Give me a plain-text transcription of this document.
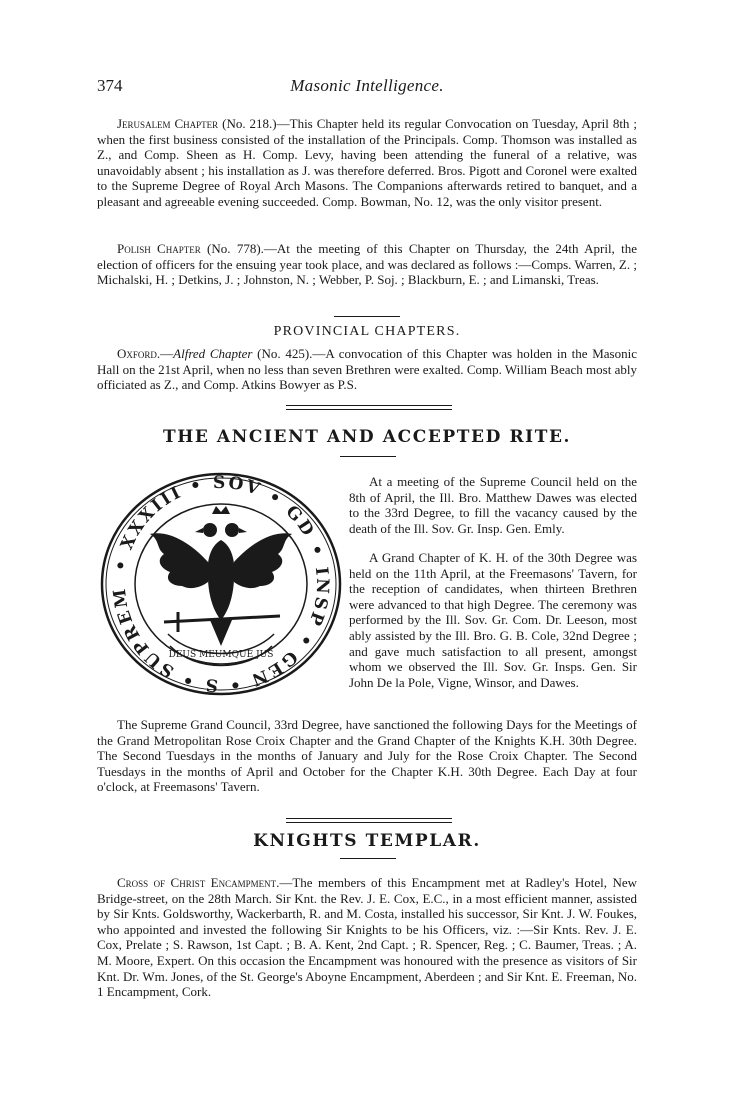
374	Masonic Intelligence.

Jerusalem Chapter (No. 218.)—This Chapter held its regular Convocation on Tuesday, April 8th ; when the first business consisted of the installation of the Principals. Comp. Thomson was installed as Z., and Comp. Sheen as H. Comp. Levy, having been attending the funeral of a relative, was unavoidably absent ; his installation as J. was therefore deferred. Bros. Pigott and Coronel were exalted to the Supreme Degree of Royal Arch Masons. The Companions afterwards retired to banquet, and a pleasant and agreeable evening succeeded. Comp. Bowman, No. 12, was the only visitor present.

Polish Chapter (No. 778).—At the meeting of this Chapter on Thursday, the 24th April, the election of officers for the ensuing year took place, and was declared as follows :—Comps. Warren, Z. ; Michalski, H. ; Detkins, J. ; Johnston, N. ; Webber, P. Soj. ; Blackburn, E. ; and Limanski, Treas.

PROVINCIAL CHAPTERS.

Oxford.—Alfred Chapter (No. 425).—A convocation of this Chapter was holden in the Masonic Hall on the 21st April, when no less than seven Brethren were exalted. Comp. William Beach most ably officiated as Z., and Comp. Atkins Bowyer as P.S.

THE ANCIENT AND ACCEPTED RITE.
• XXXIII • SOV • GD • INSP • GEN • S • SUPREM
DEUS MEUMQUE JUS

At a meeting of the Supreme Council held on the 8th of April, the Ill. Bro. Matthew Dawes was elected to the 33rd Degree, to fill the vacancy caused by the death of the Ill. Sov. Gr. Insp. Gen. Emly.

A Grand Chapter of K. H. of the 30th Degree was held on the 11th April, at the Freemasons' Tavern, for the reception of candidates, when thirteen Brethren were advanced to that high Degree. The ceremony was performed by the Ill. Sov. Gr. Com. Dr. Leeson, most ably assisted by the Ill. Bro. G. B. Cole, 32nd Degree ; and gave much satisfaction to all present, amongst whom we observed the Ill. Sov. Gr. Insps. Gen. Sir John De la Pole, Vigne, Winsor, and Dawes.

The Supreme Grand Council, 33rd Degree, have sanctioned the following Days for the Meetings of the Grand Metropolitan Rose Croix Chapter and the Grand Chapter of the Knights K.H. 30th Degree. The Second Tuesdays in the months of January and July for the Rose Croix Chapter. The Second Tuesdays in the months of April and October for the Chapter K.H. 30th Degree. Each Day at four o'clock, at Freemasons' Tavern.

KNIGHTS TEMPLAR.

Cross of Christ Encampment.—The members of this Encampment met at Radley's Hotel, New Bridge-street, on the 28th March. Sir Knt. the Rev. J. E. Cox, E.C., in a most efficient manner, assisted by Sir Knts. Goldsworthy, Wackerbarth, R. and M. Costa, installed his successor, Sir Knt. J. W. Foukes, who appointed and invested the following Sir Knights to be his Officers, viz. :—Sir Knts. Rev. J. E. Cox, Prelate ; S. Rawson, 1st Capt. ; B. A. Kent, 2nd Capt. ; R. Spencer, Reg. ; C. Baumer, Treas. ; A. M. Moore, Expert. On this occasion the Encampment was honoured with the presence as visitors of Sir Knt. Dr. Wm. Jones, of the St. George's Aboyne Encampment, Aberdeen ; and Sir Knt. E. Freeman, No. 1 Encampment, Cork.
